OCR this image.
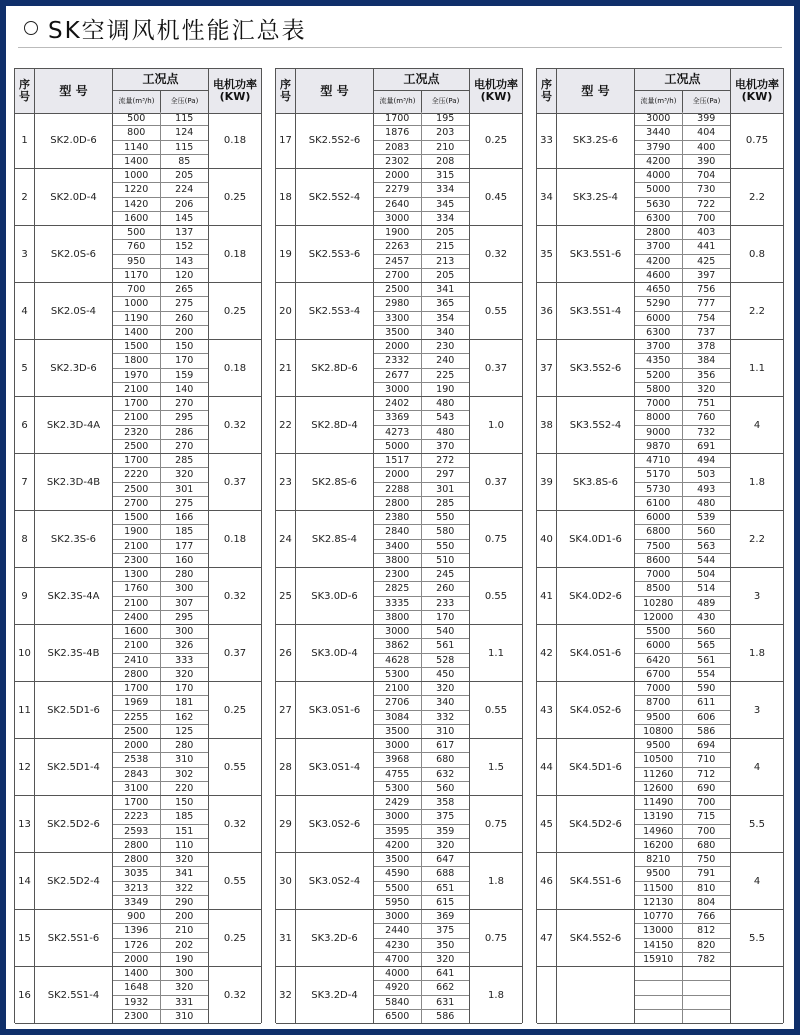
SK空调风机性能汇总表
序号	型 号
工况点
流量(m³/h)	全压(Pa)
电机功率(KW)
1	SK2.0D-6
500	115
800	124
1140	115
1400	85
0.18
2	SK2.0D-4
1000	205
1220	224
1420	206
1600	145
0.25
3	SK2.0S-6
500	137
760	152
950	143
1170	120
0.18
4	SK2.0S-4
700	265
1000	275
1190	260
1400	200
0.25
5	SK2.3D-6
1500	150
1800	170
1970	159
2100	140
0.18
6	SK2.3D-4A
1700	270
2100	295
2320	286
2500	270
0.32
7	SK2.3D-4B
1700	285
2220	320
2500	301
2700	275
0.37
8	SK2.3S-6
1500	166
1900	185
2100	177
2300	160
0.18
9	SK2.3S-4A
1300	280
1760	300
2100	307
2400	295
0.32
10	SK2.3S-4B
1600	300
2100	326
2410	333
2800	320
0.37
11	SK2.5D1-6
1700	170
1969	181
2255	162
2500	125
0.25
12	SK2.5D1-4
2000	280
2538	310
2843	302
3100	220
0.55
13	SK2.5D2-6
1700	150
2223	185
2593	151
2800	110
0.32
14	SK2.5D2-4
2800	320
3035	341
3213	322
3349	290
0.55
15	SK2.5S1-6
900	200
1396	210
1726	202
2000	190
0.25
16	SK2.5S1-4
1400	300
1648	320
1932	331
2300	310
0.32
序号	型 号
工况点
流量(m³/h)	全压(Pa)
电机功率(KW)
17	SK2.5S2-6
1700	195
1876	203
2083	210
2302	208
0.25
18	SK2.5S2-4
2000	315
2279	334
2640	345
3000	334
0.45
19	SK2.5S3-6
1900	205
2263	215
2457	213
2700	205
0.32
20	SK2.5S3-4
2500	341
2980	365
3300	354
3500	340
0.55
21	SK2.8D-6
2000	230
2332	240
2677	225
3000	190
0.37
22	SK2.8D-4
2402	480
3369	543
4273	480
5000	370
1.0
23	SK2.8S-6
1517	272
2000	297
2288	301
2800	285
0.37
24	SK2.8S-4
2380	550
2840	580
3400	550
3800	510
0.75
25	SK3.0D-6
2300	245
2825	260
3335	233
3800	170
0.55
26	SK3.0D-4
3000	540
3862	561
4628	528
5300	450
1.1
27	SK3.0S1-6
2100	320
2706	340
3084	332
3500	310
0.55
28	SK3.0S1-4
3000	617
3968	680
4755	632
5300	560
1.5
29	SK3.0S2-6
2429	358
3000	375
3595	359
4200	320
0.75
30	SK3.0S2-4
3500	647
4590	688
5500	651
5950	615
1.8
31	SK3.2D-6
3000	369
2440	375
4230	350
4700	320
0.75
32	SK3.2D-4
4000	641
4920	662
5840	631
6500	586
1.8
序号	型 号
工况点
流量(m³/h)	全压(Pa)
电机功率(KW)
33	SK3.2S-6
3000	399
3440	404
3790	400
4200	390
0.75
34	SK3.2S-4
4000	704
5000	730
5630	722
6300	700
2.2
35	SK3.5S1-6
2800	403
3700	441
4200	425
4600	397
0.8
36	SK3.5S1-4
4650	756
5290	777
6000	754
6300	737
2.2
37	SK3.5S2-6
3700	378
4350	384
5200	356
5800	320
1.1
38	SK3.5S2-4
7000	751
8000	760
9000	732
9870	691
4
39	SK3.8S-6
4710	494
5170	503
5730	493
6100	480
1.8
40	SK4.0D1-6
6000	539
6800	560
7500	563
8600	544
2.2
41	SK4.0D2-6
7000	504
8500	514
10280	489
12000	430
3
42	SK4.0S1-6
5500	560
6000	565
6420	561
6700	554
1.8
43	SK4.0S2-6
7000	590
8700	611
9500	606
10800	586
3
44	SK4.5D1-6
9500	694
10500	710
11260	712
12600	690
4
45	SK4.5D2-6
11490	700
13190	715
14960	700
16200	680
5.5
46	SK4.5S1-6
8210	750
9500	791
11500	810
12130	804
4
47	SK4.5S2-6
10770	766
13000	812
14150	820
15910	782
5.5
